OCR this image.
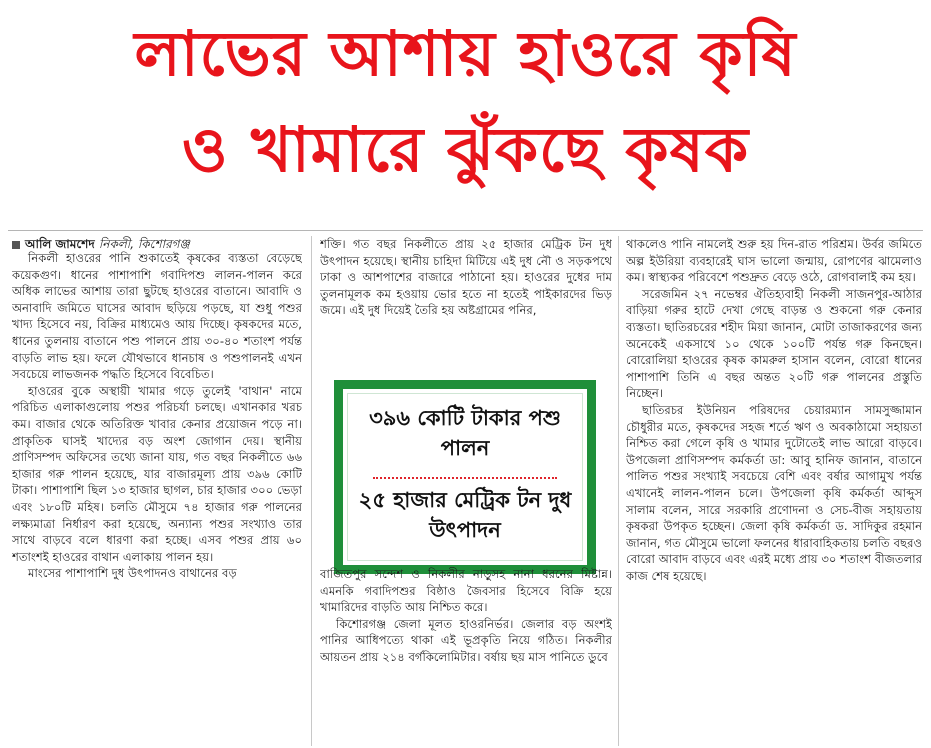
লাভের আশায় হাওরে কৃষি
ও খামারে ঝুঁকছে কৃষক
আলি জামশেদ নিকলী, কিশোরগঞ্জ

নিকলী হাওরের পানি শুকাতেই কৃষকের ব্যস্ততা বেড়েছে কয়েকগুণ। ধানের পাশাপাশি গবাদিপশু লালন-পালন করে অধিক লাভের আশায় তারা ছুটছে হাওরের বাতানে। আবাদি ও অনাবাদি জমিতে ঘাসের আবাদ ছড়িয়ে পড়ছে, যা শুধু পশুর খাদ্য হিসেবে নয়, বিক্রির মাধ্যমেও আয় দিচ্ছে। কৃষকদের মতে, ধানের তুলনায় বাতানে পশু পালনে প্রায় ৩০-৪০ শতাংশ পর্যন্ত বাড়তি লাভ হয়। ফলে যৌথভাবে ধানচাষ ও পশুপালনই এখন সবচেয়ে লাভজনক পদ্ধতি হিসেবে বিবেচিত।

হাওরের বুকে অস্থায়ী খামার গড়ে তুলেই 'বাথান' নামে পরিচিত এলাকাগুলোয় পশুর পরিচর্যা চলছে। এখানকার খরচ কম। বাজার থেকে অতিরিক্ত খাবার কেনার প্রয়োজন পড়ে না। প্রাকৃতিক ঘাসই খাদ্যের বড় অংশ জোগান দেয়। স্থানীয় প্রাণিসম্পদ অফিসের তথ্যে জানা যায়, গত বছর নিকলীতে ৬৬ হাজার গরু পালন হয়েছে, যার বাজারমূল্য প্রায় ৩৯৬ কোটি টাকা। পাশাপাশি ছিল ১৩ হাজার ছাগল, চার হাজার ৩০০ ভেড়া এবং ১৮০টি মহিষ। চলতি মৌসুমে ৭৪ হাজার গরু পালনের লক্ষ্যমাত্রা নির্ধারণ করা হয়েছে, অন্যান্য পশুর সংখ্যাও তার সাথে বাড়বে বলে ধারণা করা হচ্ছে। এসব পশুর প্রায় ৬০ শতাংশই হাওরের বাথান এলাকায় পালন হয়।

মাংসের পাশাপাশি দুধ উৎপাদনও বাথানের বড়

শক্তি। গত বছর নিকলীতে প্রায় ২৫ হাজার মেট্রিক টন দুধ উৎপাদন হয়েছে। স্থানীয় চাহিদা মিটিয়ে এই দুধ নৌ ও সড়কপথে ঢাকা ও আশপাশের বাজারে পাঠানো হয়। হাওরের দুধের দাম তুলনামূলক কম হওয়ায় ভোর হতে না হতেই পাইকারদের ভিড় জমে। এই দুধ দিয়েই তৈরি হয় অষ্টগ্রামের পনির,

৩৯৬ কোটি টাকার পশু পালন
২৫ হাজার মেট্রিক টন দুধ উৎপাদন

বাজিতপুর সন্দেশ ও নিকলীর নাড়ুসহ নানা ধরনের মিষ্টান্ন। এমনকি গবাদিপশুর বিষ্ঠাও জৈবসার হিসেবে বিক্রি হয়ে খামারিদের বাড়তি আয় নিশ্চিত করে।

কিশোরগঞ্জ জেলা মূলত হাওরনির্ভর। জেলার বড় অংশই পানির আধিপত্যে থাকা এই ভূপ্রকৃতি নিয়ে গঠিত। নিকলীর আয়তন প্রায় ২১৪ বর্গকিলোমিটার। বর্ষায় ছয় মাস পানিতে ডুবে

থাকলেও পানি নামলেই শুরু হয় দিন-রাত পরিশ্রম। উর্বর জমিতে অল্প ইউরিয়া ব্যবহারেই ঘাস ভালো জন্মায়, রোপণের ঝামেলাও কম। স্বাস্থ্যকর পরিবেশে পশুদ্রুত বেড়ে ওঠে, রোগবালাই কম হয়।

সরেজমিন ২৭ নভেম্বর ঐতিহ্যবাহী নিকলী সাজনপুর-আঠার বাড়িয়া গরুর হাটে দেখা গেছে বাড়ন্ত ও শুকনো গরু কেনার ব্যস্ততা। ছাতিরচরের শহীদ মিয়া জানান, মোটা তাজাকরণের জন্য অনেকেই একসাথে ১০ থেকে ১০০টি পর্যন্ত গরু কিনছেন। বোরোলিয়া হাওরের কৃষক কামরুল হাসান বলেন, বোরো ধানের পাশাপাশি তিনি এ বছর অন্তত ২০টি গরু পালনের প্রস্তুতি নিচ্ছেন।

ছাতিরচর ইউনিয়ন পরিষদের চেয়ারম্যান সামসুজ্জামান চৌধুরীর মতে, কৃষকদের সহজ শর্তে ঋণ ও অবকাঠামো সহায়তা নিশ্চিত করা গেলে কৃষি ও খামার দুটোতেই লাভ আরো বাড়বে। উপজেলা প্রাণিসম্পদ কর্মকর্তা ডা: আবু হানিফ জানান, বাতানে পালিত পশুর সংখ্যাই সবচেয়ে বেশি এবং বর্ষার আগামুখ পর্যন্ত এখানেই লালন-পালন চলে। উপজেলা কৃষি কর্মকর্তা আব্দুস সালাম বলেন, সারে সরকারি প্রণোদনা ও সেচ-বীজ সহায়তায় কৃষকরা উপকৃত হচ্ছেন। জেলা কৃষি কর্মকর্তা ড. সাদিকুর রহমান জানান, গত মৌসুমে ভালো ফলনের ধারাবাহিকতায় চলতি বছরও বোরো আবাদ বাড়বে এবং এরই মধ্যে প্রায় ৩০ শতাংশ বীজতলার কাজ শেষ হয়েছে।
